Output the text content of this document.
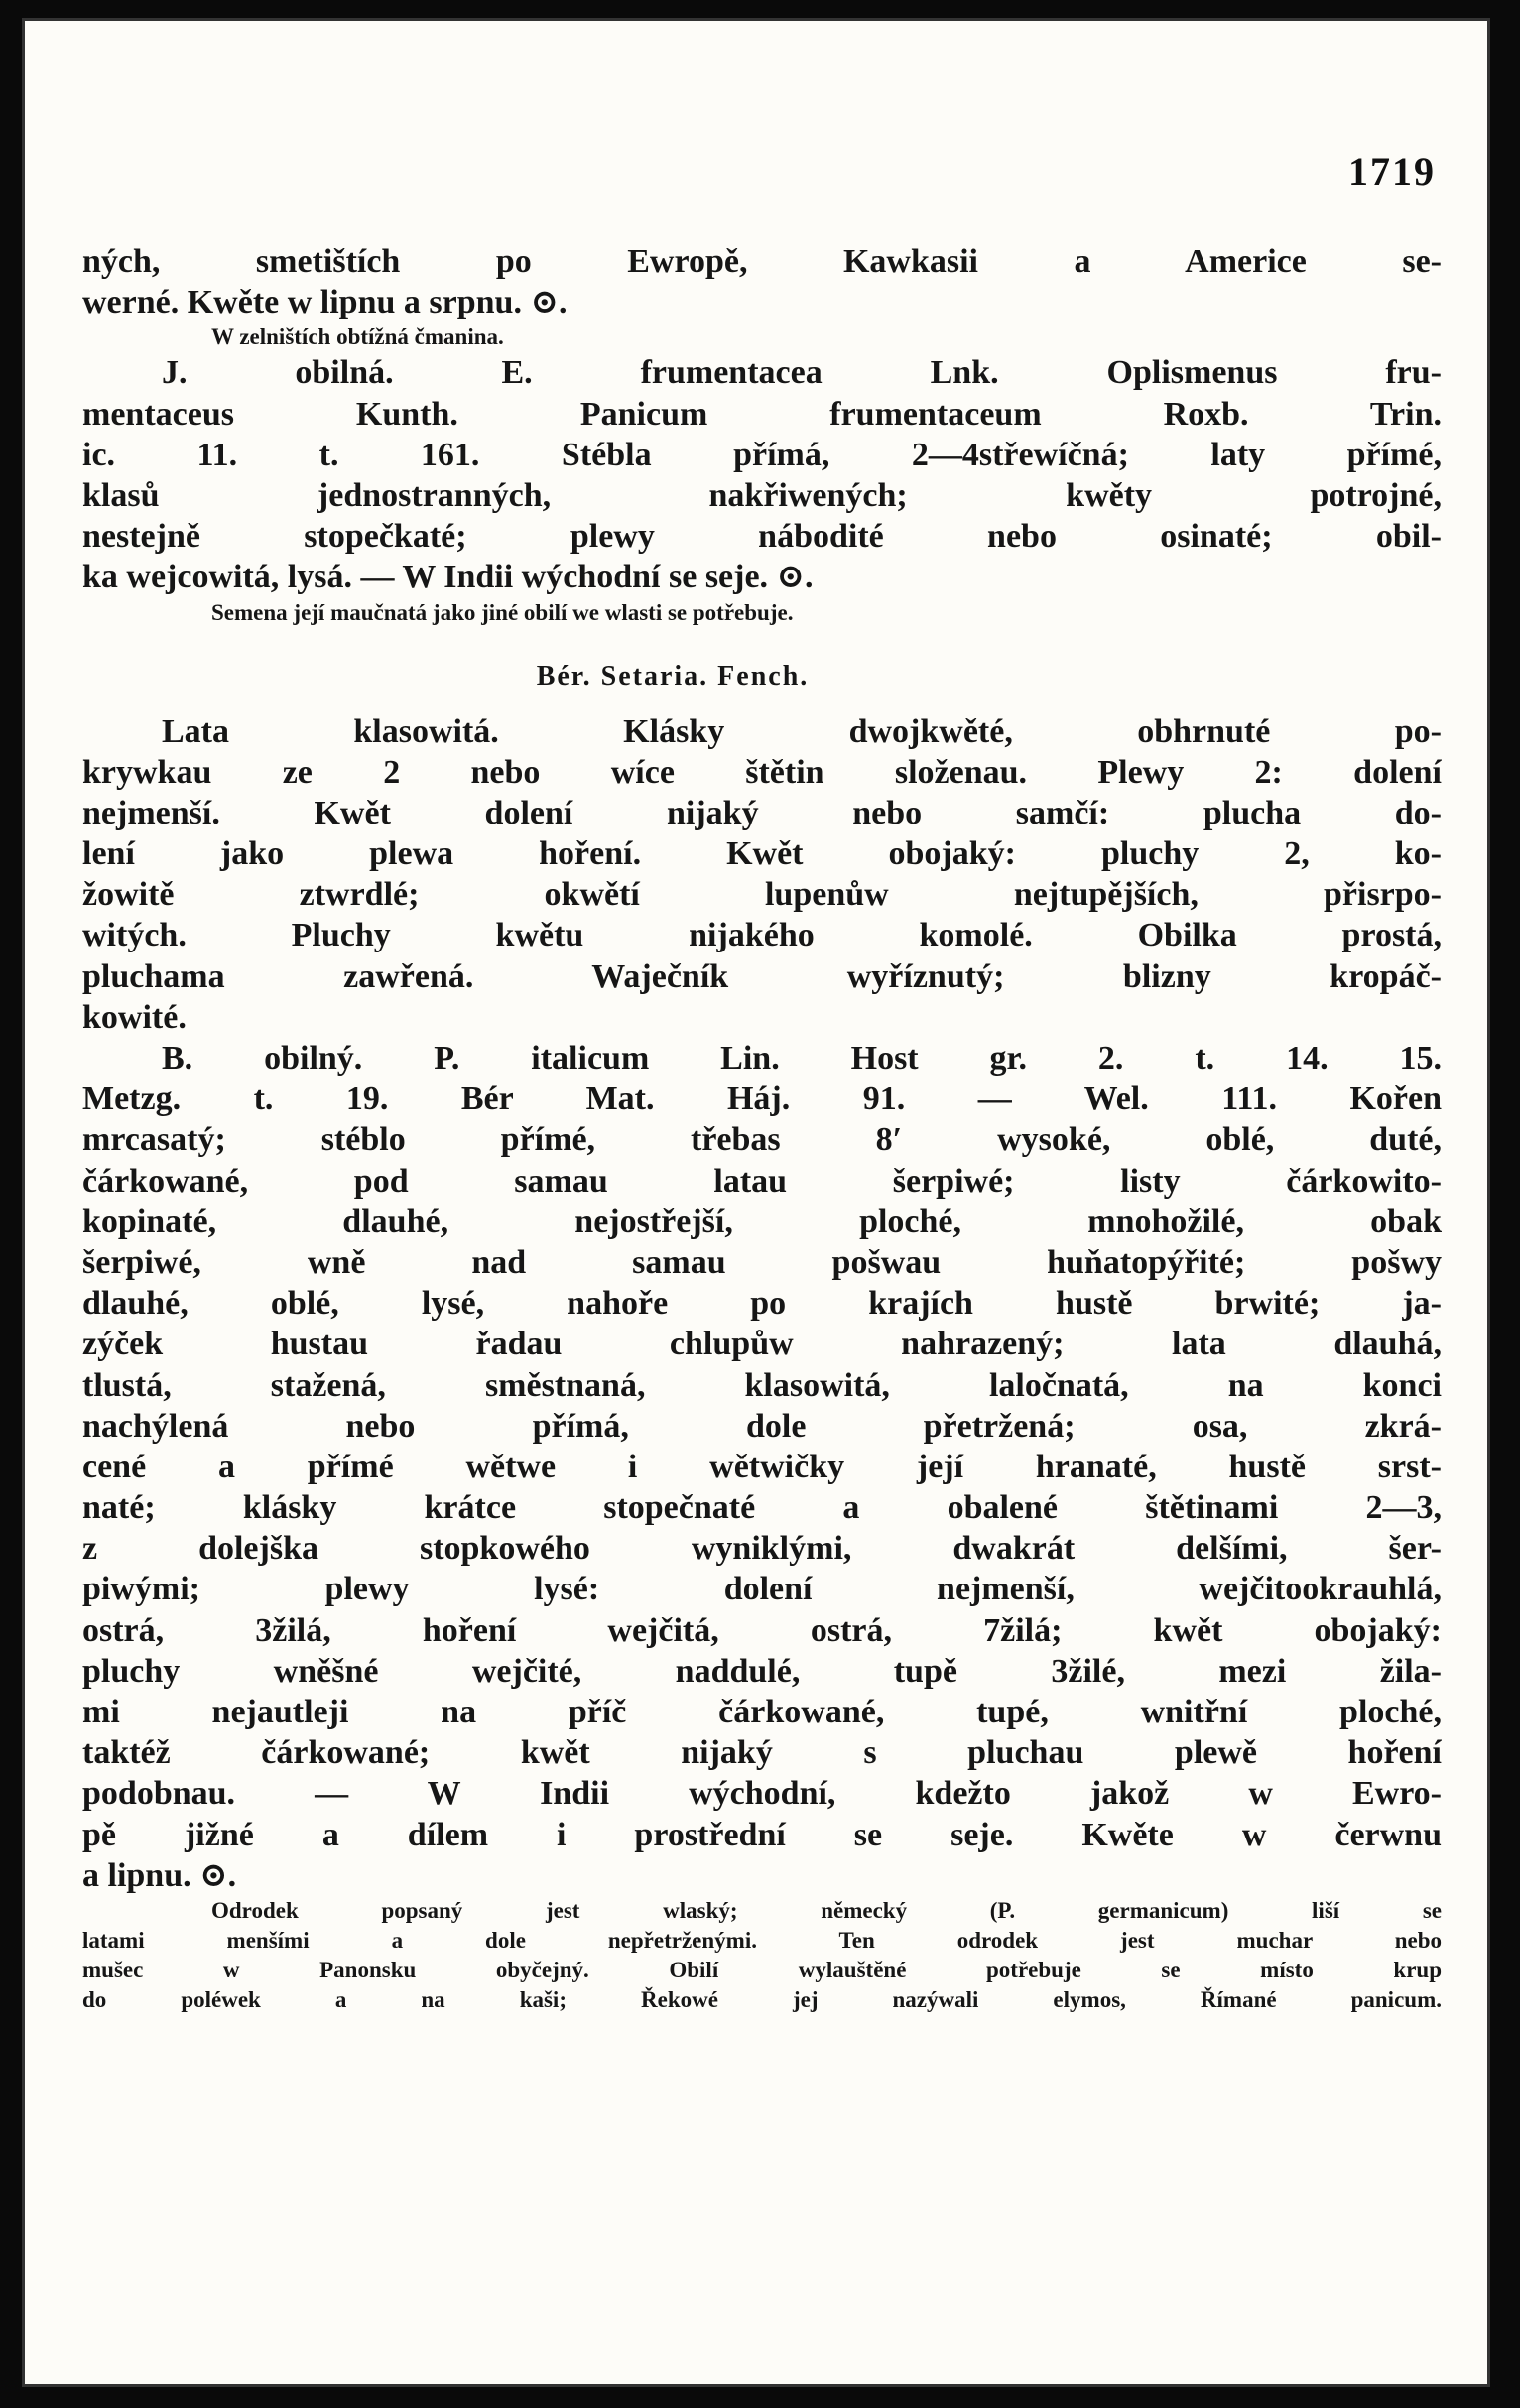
1719
ných, smetištích po Ewropě, Kawkasii a Americe se-
werné. Kwěte w lipnu a srpnu. ⊙.
W zelništích obtížná čmanina.
J. obilná. E. frumentacea Lnk. Oplismenus fru-
mentaceus Kunth. Panicum frumentaceum Roxb. Trin.
ic. 11. t. 161. Stébla přímá, 2—4střewíčná; laty přímé,
klasů jednostranných, nakřiwených; kwěty potrojné,
nestejně stopečkaté; plewy nábodité nebo osinaté; obil-
ka wejcowitá, lysá. — W Indii wýchodní se seje. ⊙.
Semena její maučnatá jako jiné obilí we wlasti se potřebuje.
Bér. Setaria. Fench.
Lata klasowitá. Klásky dwojkwěté, obhrnuté po-
krywkau ze 2 nebo wíce štětin složenau. Plewy 2: dolení
nejmenší. Kwět dolení nijaký nebo samčí: plucha do-
lení jako plewa hoření. Kwět obojaký: pluchy 2, ko-
žowitě ztwrdlé; okwětí lupenůw nejtupějších, přisrpo-
witých. Pluchy kwětu nijakého komolé. Obilka prostá,
pluchama zawřená. Waječník wyříznutý; blizny kropáč-
kowité.
B. obilný. P. italicum Lin. Host gr. 2. t. 14. 15.
Metzg. t. 19. Bér Mat. Háj. 91. — Wel. 111. Kořen
mrcasatý; stéblo přímé, třebas 8′ wysoké, oblé, duté,
čárkowané, pod samau latau šerpiwé; listy čárkowito-
kopinaté, dlauhé, nejostřejší, ploché, mnohožilé, obak
šerpiwé, wně nad samau pošwau huňatopýřité; pošwy
dlauhé, oblé, lysé, nahoře po krajích hustě brwité; ja-
zýček hustau řadau chlupůw nahrazený; lata dlauhá,
tlustá, stažená, směstnaná, klasowitá, laločnatá, na konci
nachýlená nebo přímá, dole přetržená; osa, zkrá-
cené a přímé wětwe i wětwičky její hranaté, hustě srst-
naté; klásky krátce stopečnaté a obalené štětinami 2—3,
z dolejška stopkowého wyniklými, dwakrát delšími, šer-
piwými; plewy lysé: dolení nejmenší, wejčitookrauhlá,
ostrá, 3žilá, hoření wejčitá, ostrá, 7žilá; kwět obojaký:
pluchy wněšné wejčité, naddulé, tupě 3žilé, mezi žila-
mi nejautleji na příč čárkowané, tupé, wnitřní ploché,
taktéž čárkowané; kwět nijaký s pluchau plewě hoření
podobnau. — W Indii wýchodní, kdežto jakož w Ewro-
pě jižné a dílem i prostřední se seje. Kwěte w čerwnu
a lipnu. ⊙.
Odrodek popsaný jest wlaský; německý (P. germanicum) liší se
latami menšími a dole nepřetrženými. Ten odrodek jest muchar nebo
mušec w Panonsku obyčejný. Obilí wylauštěné potřebuje se místo krup
do poléwek a na kaši; Řekowé jej nazýwali elymos, Římané panicum.
